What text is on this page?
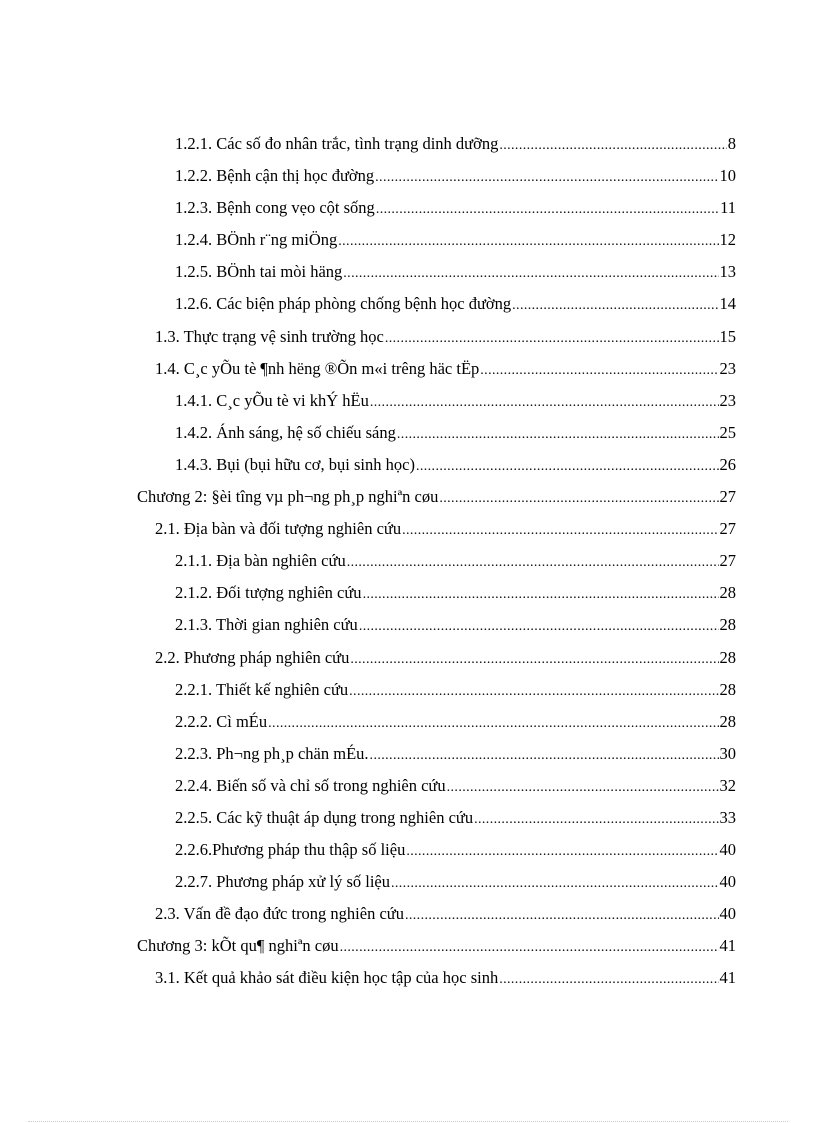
1.2.1. Các số đo nhân trắc, tình trạng dinh dưỡng .....	8
1.2.2. Bệnh cận thị học đường .....	10
1.2.3. Bệnh cong vẹo cột sống .....	11
1.2.4. BÖnh r¨ng miÖng .....	12
1.2.5. BÖnh tai mòi häng .....	13
1.2.6. Các biện pháp phòng chống bệnh học đường .....	14
1.3. Thực trạng vệ sinh trường học .....	15
1.4. C¸c yÕu tè ¶nh hëng ®Õn m«i trêng häc tËp .....	23
1.4.1. C¸c yÕu tè vi khÝ hËu .....	23
1.4.2. Ánh sáng, hệ số chiếu sáng .....	25
1.4.3. Bụi (bụi hữu cơ, bụi sinh học) .....	26
Chương 2: §èi tîng vµ ph¬ng ph¸p nghiªn cøu .....	27
2.1. Địa bàn và đối tượng nghiên cứu .....	27
2.1.1. Địa bàn nghiên cứu .....	27
2.1.2. Đối tượng nghiên cứu .....	28
2.1.3. Thời gian nghiên cứu .....	28
2.2. Phương pháp nghiên cứu .....	28
2.2.1. Thiết kế nghiên cứu .....	28
2.2.2. Cì mÉu .....	28
2.2.3. Ph¬ng ph¸p chän mÉu. .....	30
2.2.4. Biến số và chỉ số trong nghiên cứu .....	32
2.2.5. Các kỹ thuật áp dụng trong nghiên cứu .....	33
2.2.6.Phương pháp thu thập số liệu .....	40
2.2.7. Phương pháp xử lý số liệu .....	40
2.3. Vấn đề đạo đức trong nghiên cứu .....	40
Chương 3: kÕt qu¶ nghiªn cøu .....	41
3.1. Kết quả khảo sát điều kiện học tập của học sinh .....	41
